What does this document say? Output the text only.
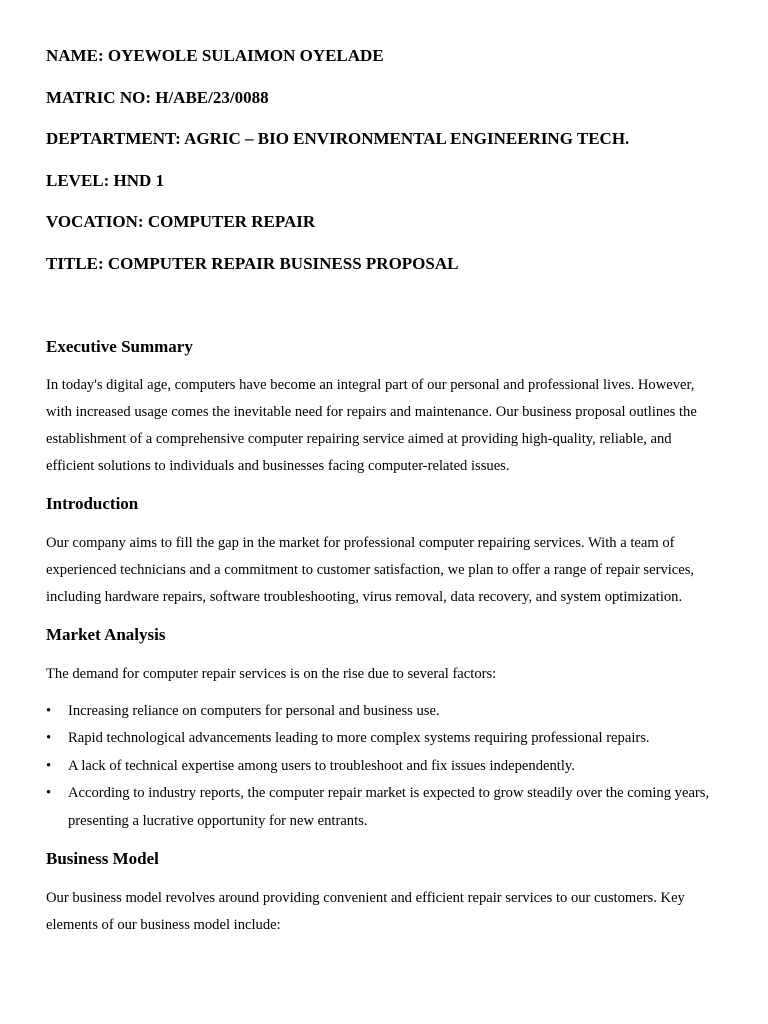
NAME: OYEWOLE SULAIMON OYELADE

MATRIC NO: H/ABE/23/0088

DEPTARTMENT: AGRIC – BIO ENVIRONMENTAL ENGINEERING TECH.

LEVEL: HND 1

VOCATION: COMPUTER REPAIR

TITLE: COMPUTER REPAIR BUSINESS PROPOSAL

Executive Summary

In today's digital age, computers have become an integral part of our personal and professional lives. However, with increased usage comes the inevitable need for repairs and maintenance. Our business proposal outlines the establishment of a comprehensive computer repairing service aimed at providing high-quality, reliable, and efficient solutions to individuals and businesses facing computer-related issues.

Introduction

Our company aims to fill the gap in the market for professional computer repairing services. With a team of experienced technicians and a commitment to customer satisfaction, we plan to offer a range of repair services, including hardware repairs, software troubleshooting, virus removal, data recovery, and system optimization.

Market Analysis

The demand for computer repair services is on the rise due to several factors:

• Increasing reliance on computers for personal and business use.
• Rapid technological advancements leading to more complex systems requiring professional repairs.
• A lack of technical expertise among users to troubleshoot and fix issues independently.
• According to industry reports, the computer repair market is expected to grow steadily over the coming years, presenting a lucrative opportunity for new entrants.
Business Model

Our business model revolves around providing convenient and efficient repair services to our customers. Key elements of our business model include:
